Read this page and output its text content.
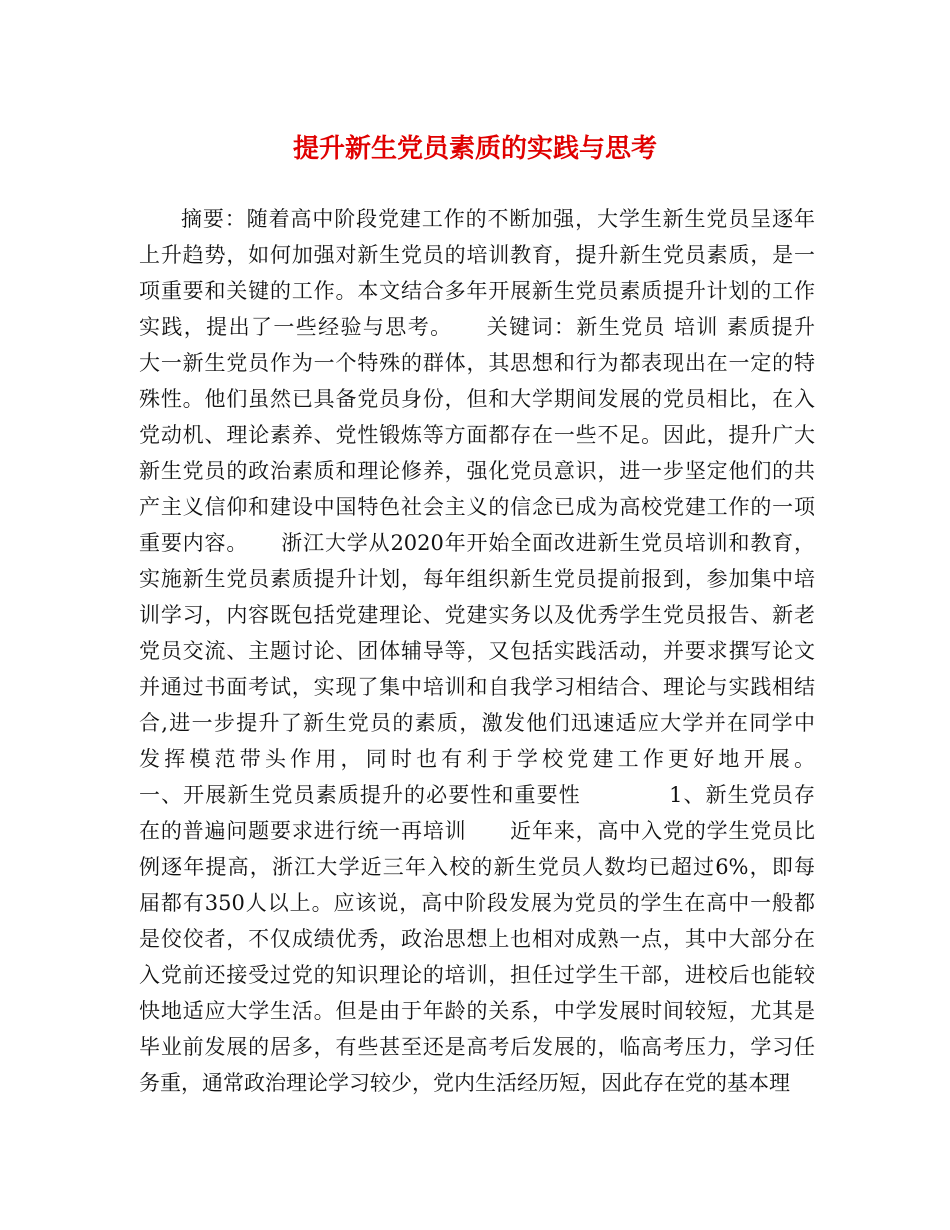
提升新生党员素质的实践与思考
摘要：随着高中阶段党建工作的不断加强，大学生新生党员呈逐年
上升趋势，如何加强对新生党员的培训教育，提升新生党员素质，是一
项重要和关键的工作。本文结合多年开展新生党员素质提升计划的工作
实践，提出了一些经验与思考。　　关键词：新生党员 培训 素质提升
大一新生党员作为一个特殊的群体，其思想和行为都表现出在一定的特
殊性。他们虽然已具备党员身份，但和大学期间发展的党员相比，在入
党动机、理论素养、党性锻炼等方面都存在一些不足。因此，提升广大
新生党员的政治素质和理论修养，强化党员意识，进一步坚定他们的共
产主义信仰和建设中国特色社会主义的信念已成为高校党建工作的一项
重要内容。　　浙江大学从2020年开始全面改进新生党员培训和教育，
实施新生党员素质提升计划，每年组织新生党员提前报到，参加集中培
训学习，内容既包括党建理论、党建实务以及优秀学生党员报告、新老
党员交流、主题讨论、团体辅导等，又包括实践活动，并要求撰写论文
并通过书面考试，实现了集中培训和自我学习相结合、理论与实践相结
合,进一步提升了新生党员的素质，激发他们迅速适应大学并在同学中
发挥模范带头作用，同时也有利于学校党建工作更好地开展。
一、开展新生党员素质提升的必要性和重要性　　　　1、新生党员存
在的普遍问题要求进行统一再培训　　近年来，高中入党的学生党员比
例逐年提高，浙江大学近三年入校的新生党员人数均已超过6%，即每
届都有350人以上。应该说，高中阶段发展为党员的学生在高中一般都
是佼佼者，不仅成绩优秀，政治思想上也相对成熟一点，其中大部分在
入党前还接受过党的知识理论的培训，担任过学生干部，进校后也能较
快地适应大学生活。但是由于年龄的关系，中学发展时间较短，尤其是
毕业前发展的居多，有些甚至还是高考后发展的，临高考压力，学习任
务重，通常政治理论学习较少，党内生活经历短，因此存在党的基本理
